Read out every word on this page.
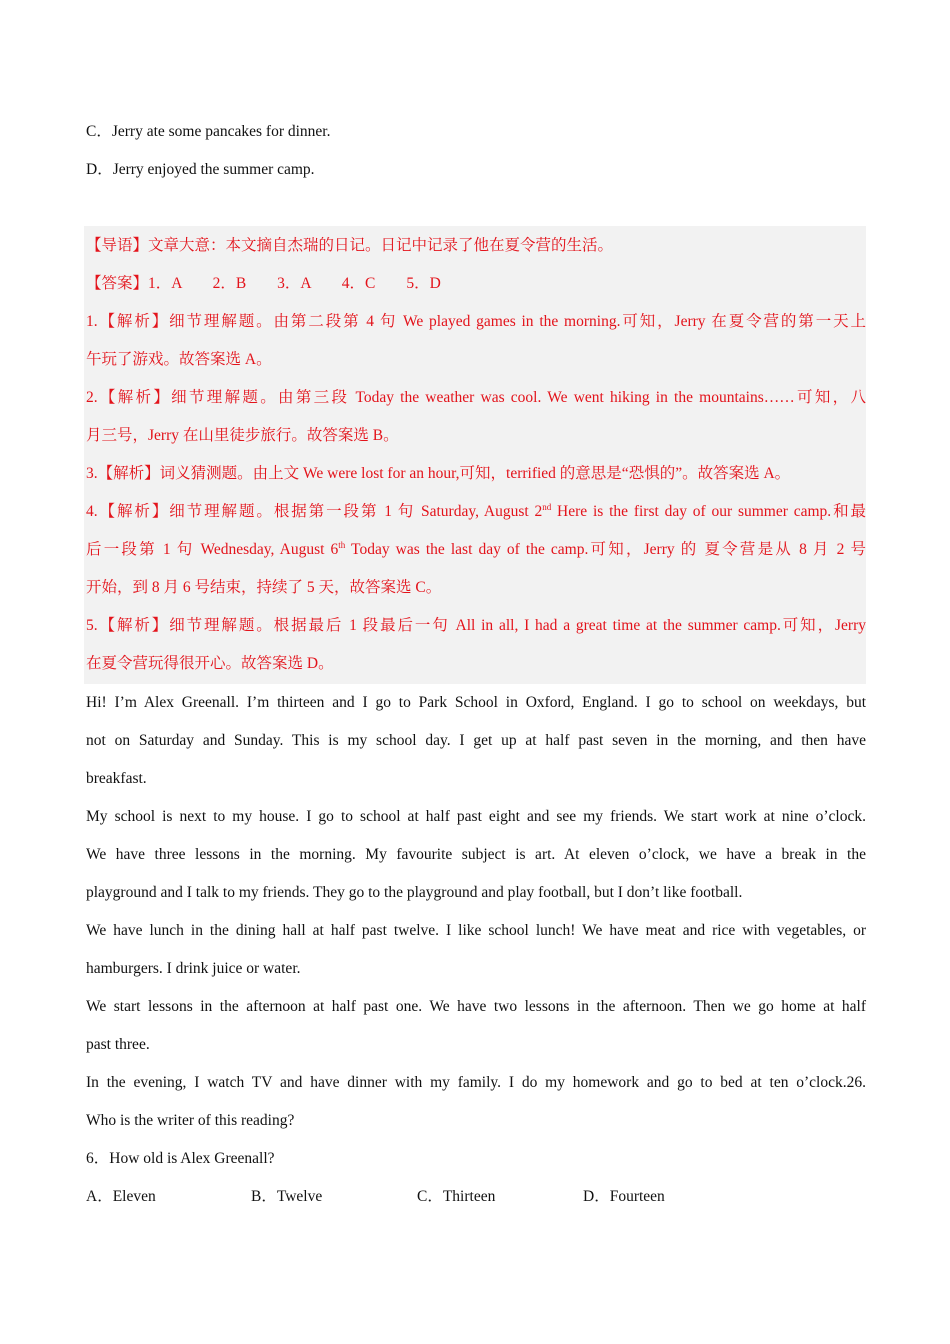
C．Jerry ate some pancakes for dinner.
D．Jerry enjoyed the summer camp.
【导语】文章大意：本文摘自杰瑞的日记。日记中记录了他在夏令营的生活。
【答案】1．A　　2．B　　3．A　　4．C　　5．D
1.【解析】细节理解题。由第二段第 4 句 We played games in the morning.可知，Jerry 在夏令营的第一天上
午玩了游戏。故答案选 A。
2.【解析】细节理解题。由第三段 Today the weather was cool. We went hiking in the mountains……可知，八
月三号，Jerry 在山里徒步旅行。故答案选 B。
3.【解析】词义猜测题。由上文 We were lost for an hour,可知，terrified 的意思是“恐惧的”。故答案选 A。
4.【解析】细节理解题。根据第一段第 1 句 Saturday, August 2nd Here is the first day of our summer camp.和最
后一段第 1 句 Wednesday, August 6th Today was the last day of the camp.可知，Jerry 的 夏令营是从 8 月 2 号
开始，到 8 月 6 号结束，持续了 5 天，故答案选 C。
5.【解析】细节理解题。根据最后 1 段最后一句 All in all, I had a great time at the summer camp.可知，Jerry
在夏令营玩得很开心。故答案选 D。
Hi! I’m Alex Greenall. I’m thirteen and I go to Park School in Oxford, England. I go to school on weekdays, but
not on Saturday and Sunday. This is my school day. I get up at half past seven in the morning, and then have
breakfast.
My school is next to my house. I go to school at half past eight and see my friends. We start work at nine o’clock.
We have three lessons in the morning. My favourite subject is art. At eleven o’clock, we have a break in the
playground and I talk to my friends. They go to the playground and play football, but I don’t like football.
We have lunch in the dining hall at half past twelve. I like school lunch! We have meat and rice with vegetables, or
hamburgers. I drink juice or water.
We start lessons in the afternoon at half past one. We have two lessons in the afternoon. Then we go home at half
past three.
In the evening, I watch TV and have dinner with my family. I do my homework and go to bed at ten o’clock.26.
Who is the writer of this reading?
6．How old is Alex Greenall?
A．Eleven	B．Twelve	C．Thirteen	D．Fourteen
